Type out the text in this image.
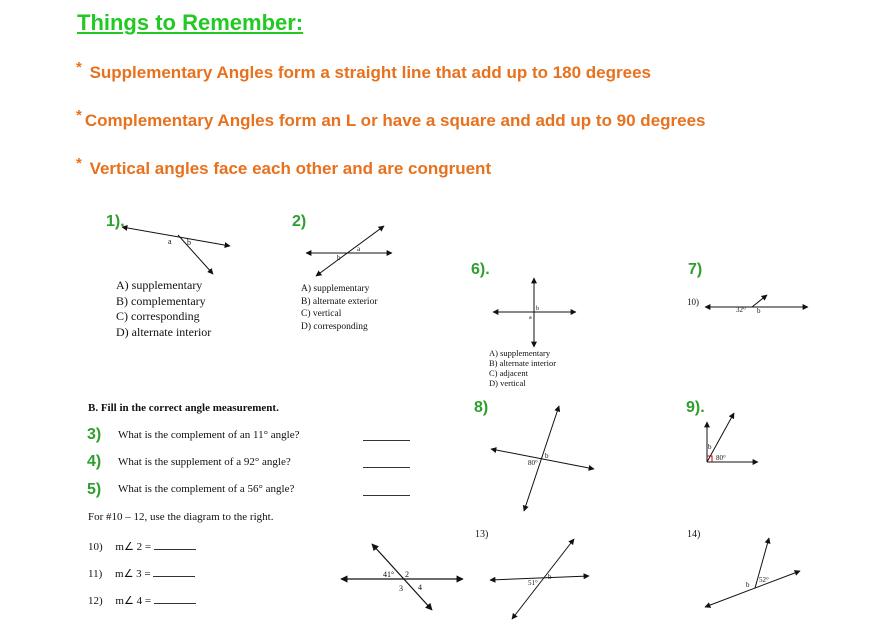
Things to Remember:
* Supplementary Angles form a straight line that add up to 180 degrees
* Complementary Angles form an L or have a square and add up to 90 degrees
* Vertical angles face each other and are congruent
a b
b
a
b
a
32° b
80°
b
b
80°
51°
b
b
52°
41° 2
3 4
1).	2)
6).	7)
10)
8)	9).
13)	14)
A) supplementary
B) complementary
C) corresponding
D) alternate interior
A) supplementary
B) alternate exterior
C) vertical
D) corresponding
A) supplementary
B) alternate interior
C) adjacent
D) vertical
B. Fill in the correct angle measurement.
3) What is the complement of an 11° angle?
4) What is the supplement of a 92° angle?
5) What is the complement of a 56° angle?
For #10 – 12, use the diagram to the right.
10) m∠ 2 =
11) m∠ 3 =
12) m∠ 4 =
